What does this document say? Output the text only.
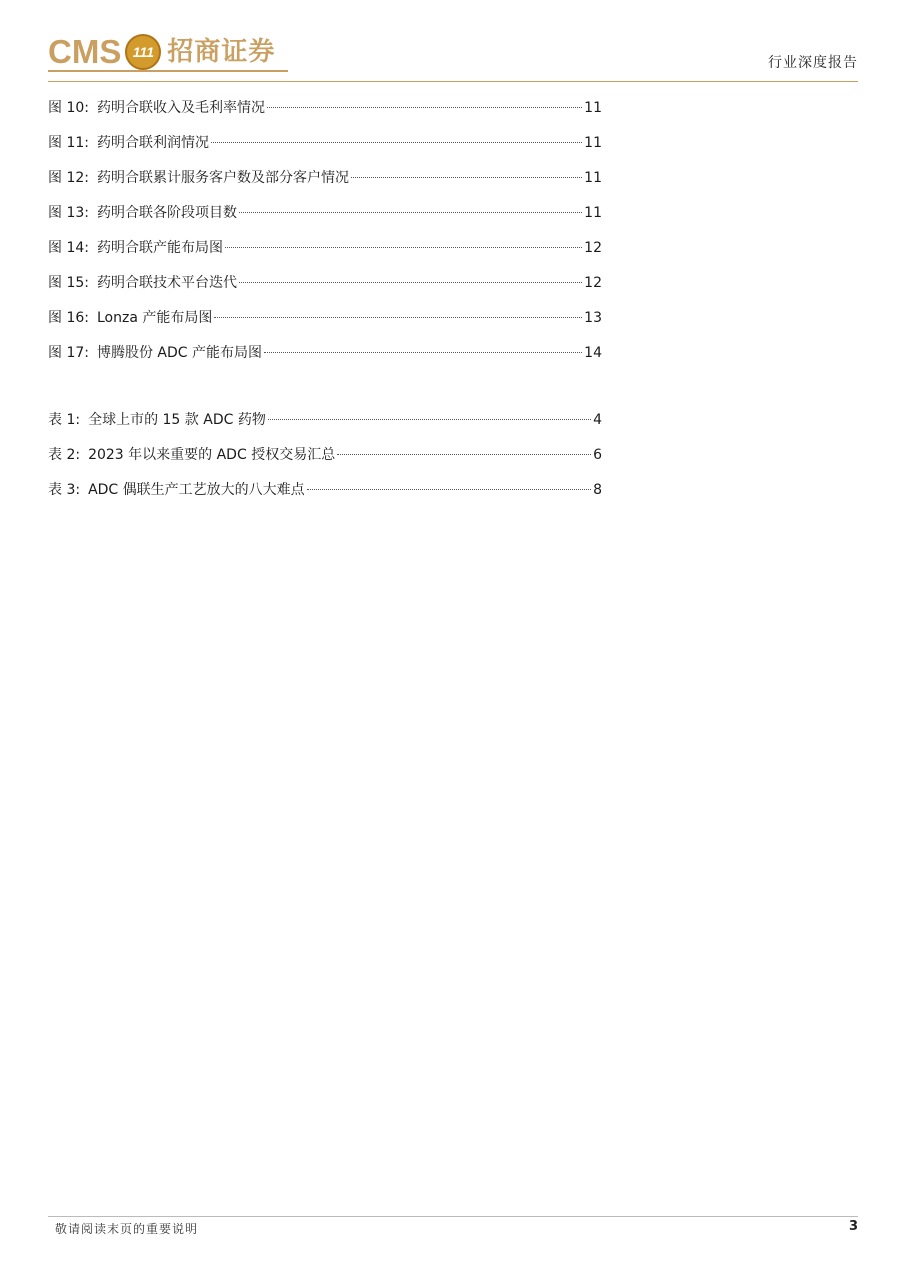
CMS 111 招商证券	行业深度报告
图 10: 药明合联收入及毛利率情况	11
图 11: 药明合联利润情况	11
图 12: 药明合联累计服务客户数及部分客户情况	11
图 13: 药明合联各阶段项目数	11
图 14: 药明合联产能布局图	12
图 15: 药明合联技术平台迭代	12
图 16: Lonza 产能布局图	13
图 17: 博腾股份 ADC 产能布局图	14
表 1: 全球上市的 15 款 ADC 药物	4
表 2: 2023 年以来重要的 ADC 授权交易汇总	6
表 3: ADC 偶联生产工艺放大的八大难点	8
敬请阅读末页的重要说明	3
